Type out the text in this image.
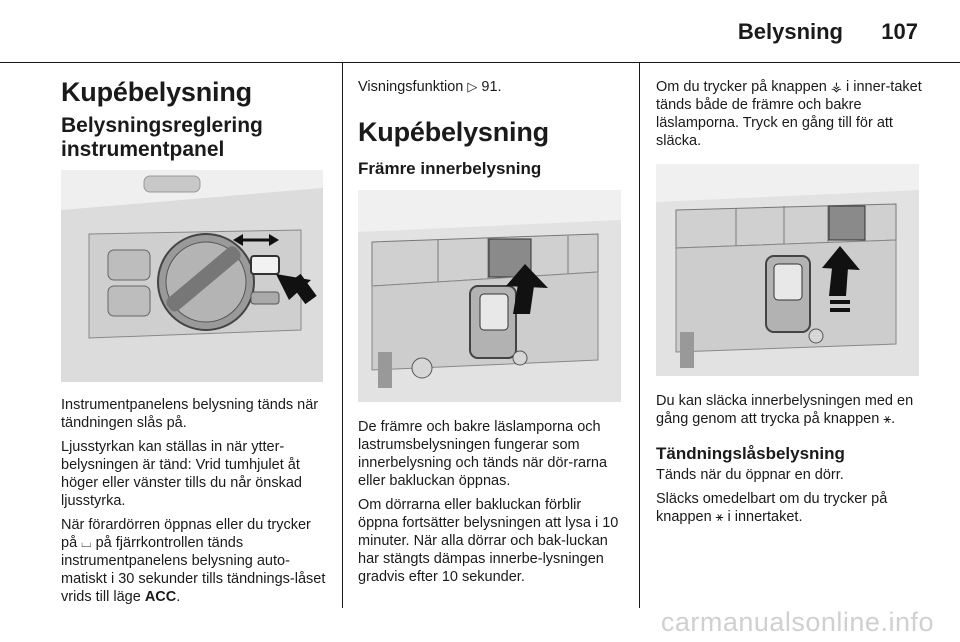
Belysning 107
Kupébelysning
Belysningsreglering instrumentpanel
Instrumentpanelens belysning tänds när tändningen slås på.
Ljusstyrkan kan ställas in när ytter-belysningen är tänd: Vrid tumhjulet åt höger eller vänster tills du når önskad ljusstyrka.
När förardörren öppnas eller du trycker på ⌴ på fjärrkontrollen tänds instrumentpanelens belysning auto-matiskt i 30 sekunder tills tändnings-låset vrids till läge ACC.
Visningsfunktion ▷ 91.
Kupébelysning
Främre innerbelysning
De främre och bakre läslamporna och lastrumsbelysningen fungerar som innerbelysning och tänds när dör-rarna eller bakluckan öppnas.
Om dörrarna eller bakluckan förblir öppna fortsätter belysningen att lysa i 10 minuter. När alla dörrar och bak-luckan har stängts dämpas innerbe-lysningen gradvis efter 10 sekunder.
Om du trycker på knappen ⚶ i inner-taket tänds både de främre och bakre läslamporna. Tryck en gång till för att släcka.
Du kan släcka innerbelysningen med en gång genom att trycka på knappen ⚹.
Tändningslåsbelysning
Tänds när du öppnar en dörr.
Släcks omedelbart om du trycker på knappen ⚹ i innertaket.
carmanualsonline.info
